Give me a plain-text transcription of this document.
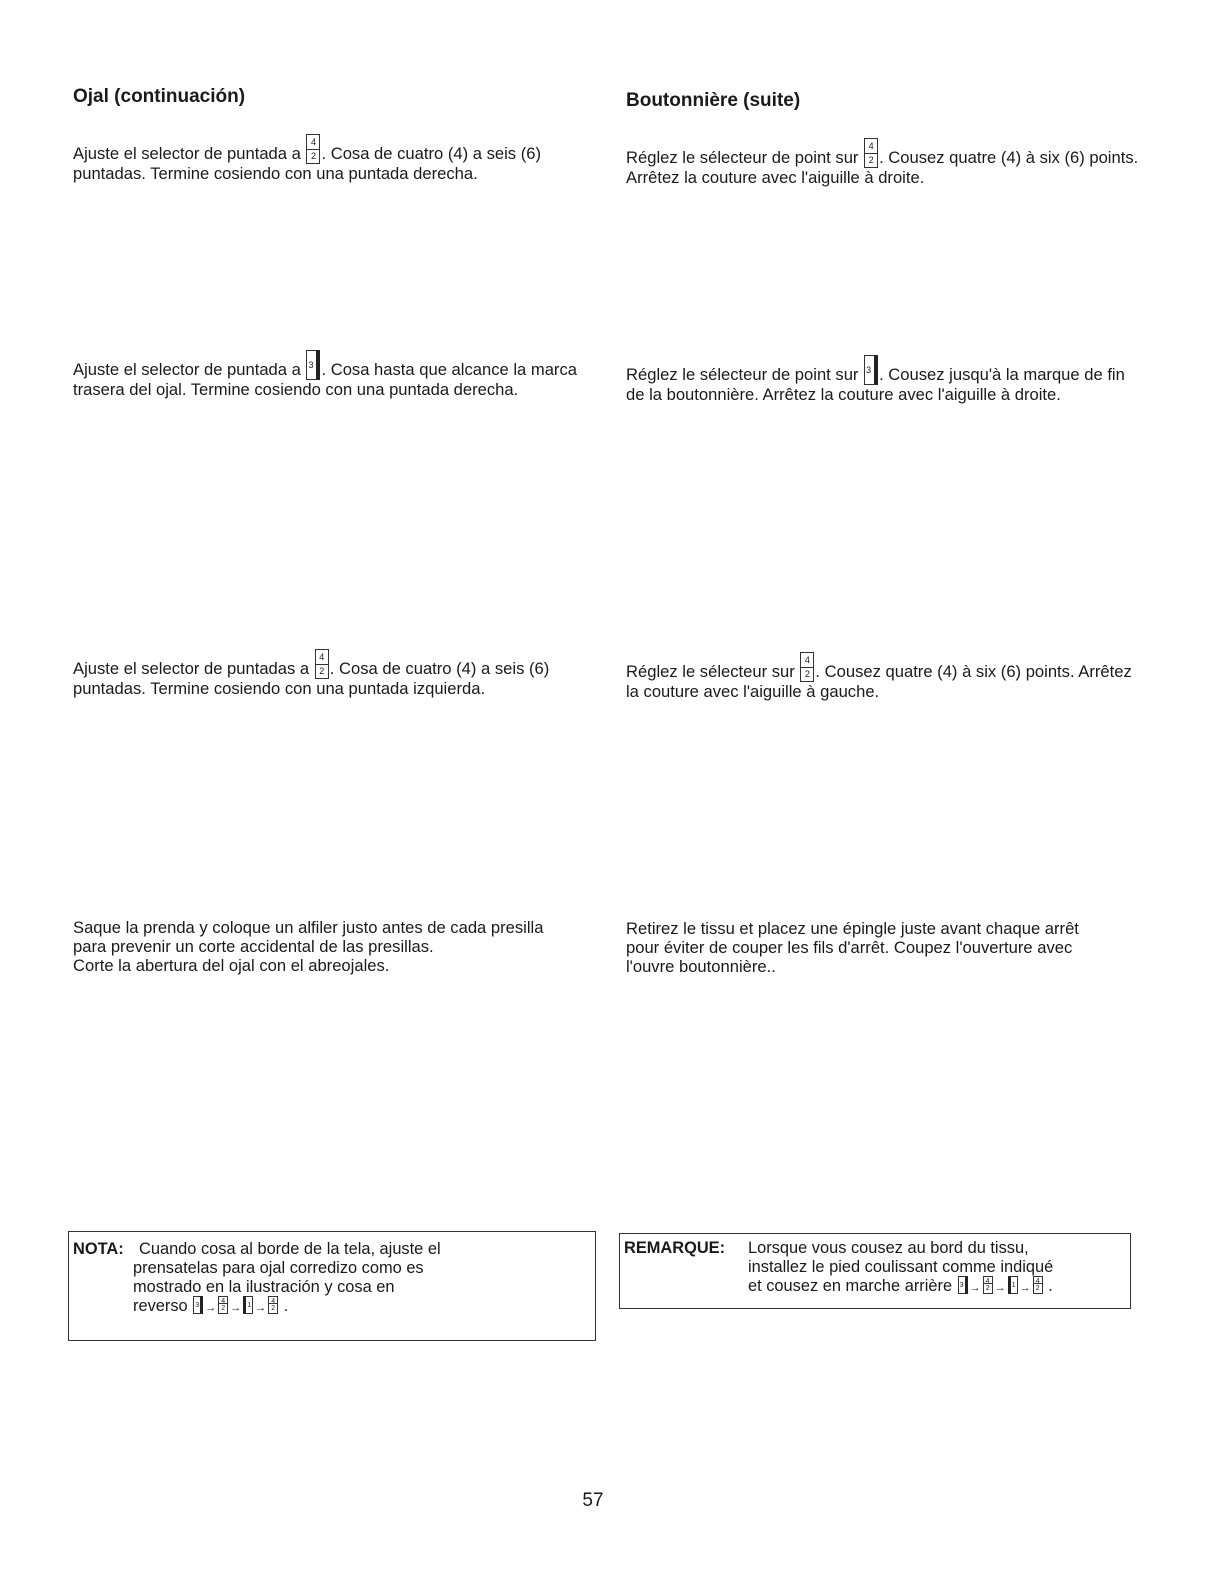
Ojal (continuación)

Ajuste el selector de puntada a $\frac{4}{2}$ . Cosa de cuatro (4) a seis (6) puntadas. Termine cosiendo con una puntada derecha.

Ajuste el selector de puntada a 3 . Cosa hasta que alcance la marca trasera del ojal. Termine cosiendo con una puntada derecha.

Ajuste el selector de puntadas a $\frac{4}{2}$ . Cosa de cuatro (4) a seis (6) puntadas. Termine cosiendo con una puntada izquierda.

Saque la prenda y coloque un alfiler justo antes de cada presilla
para prevenir un corte accidental de las presillas.
Corte la abertura del ojal con el abreojales.

NOTA: Cuando cosa al borde de la tela, ajuste el
prensatelas para ojal corredizo como es
mostrado en la ilustración y cosa en
reverso 3 →
4
2 → 1 →
4
2 .
Boutonnière (suite)

Réglez le sélecteur de point sur $\frac{4}{2}$ . Cousez quatre (4) à six (6) points. Arrêtez la couture avec l'aiguille à droite.

Réglez le sélecteur de point sur 3 . Cousez jusqu'à la marque de fin de la boutonnière. Arrêtez la couture avec l'aiguille à droite.

Réglez le sélecteur sur $\frac{4}{2}$ . Cousez quatre (4) à six (6) points. Arrêtez la couture avec l'aiguille à gauche.

Retirez le tissu et placez une épingle juste avant chaque arrêt
pour éviter de couper les fils d'arrêt. Coupez l'ouverture avec
l'ouvre boutonnière..

REMARQUE:	Lorsque vous cousez au bord du tissu,
installez le pied coulissant comme indiqué
et cousez en marche arrière 3 →
4
2 → 1 →
4
2 .
57
